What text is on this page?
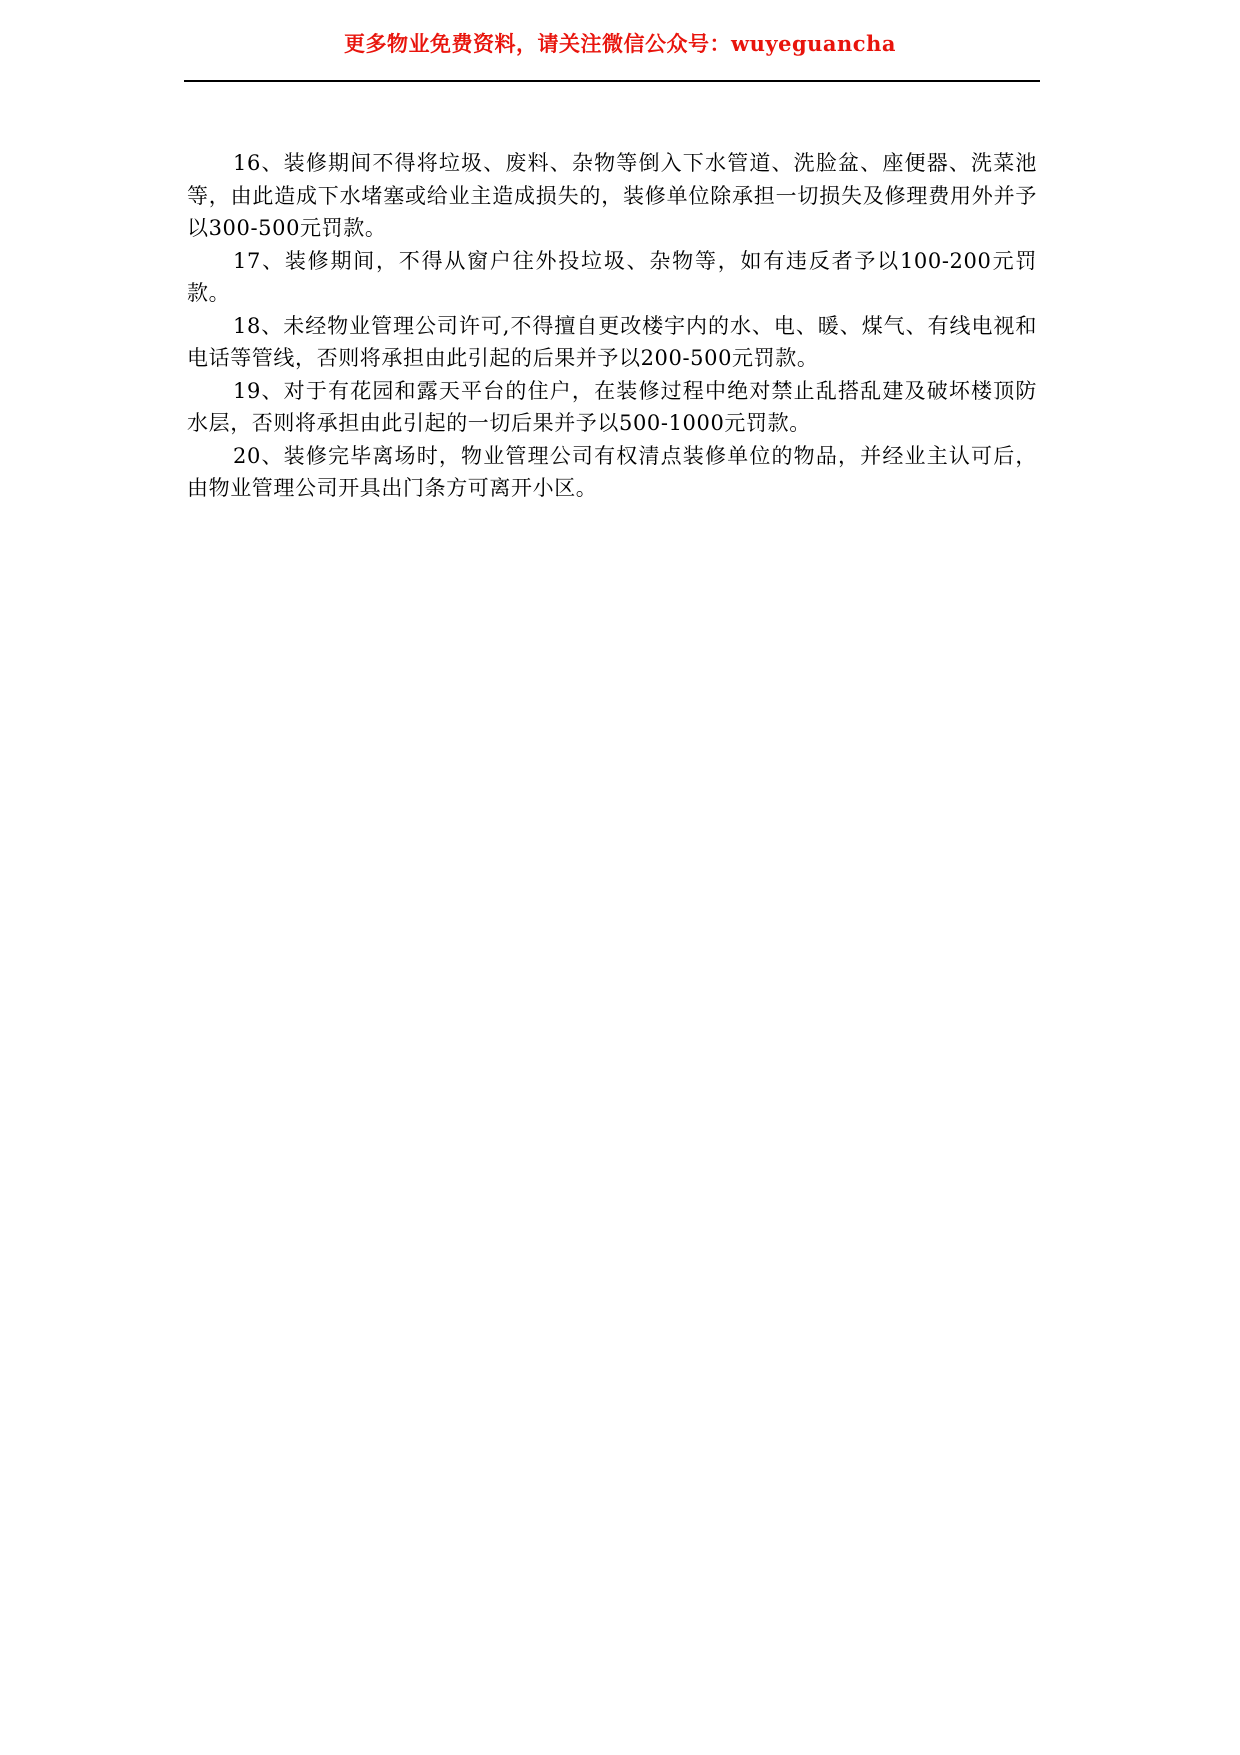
更多物业免费资料，请关注微信公众号：wuyeguancha

16、装修期间不得将垃圾、废料、杂物等倒入下水管道、洗脸盆、座便器、洗菜池等，由此造成下水堵塞或给业主造成损失的，装修单位除承担一切损失及修理费用外并予以300-500元罚款。

17、装修期间，不得从窗户往外投垃圾、杂物等，如有违反者予以100-200元罚款。

18、未经物业管理公司许可,不得擅自更改楼宇内的水、电、暖、煤气、有线电视和电话等管线，否则将承担由此引起的后果并予以200-500元罚款。

19、对于有花园和露天平台的住户，在装修过程中绝对禁止乱搭乱建及破坏楼顶防水层，否则将承担由此引起的一切后果并予以500-1000元罚款。

20、装修完毕离场时，物业管理公司有权清点装修单位的物品，并经业主认可后，由物业管理公司开具出门条方可离开小区。
